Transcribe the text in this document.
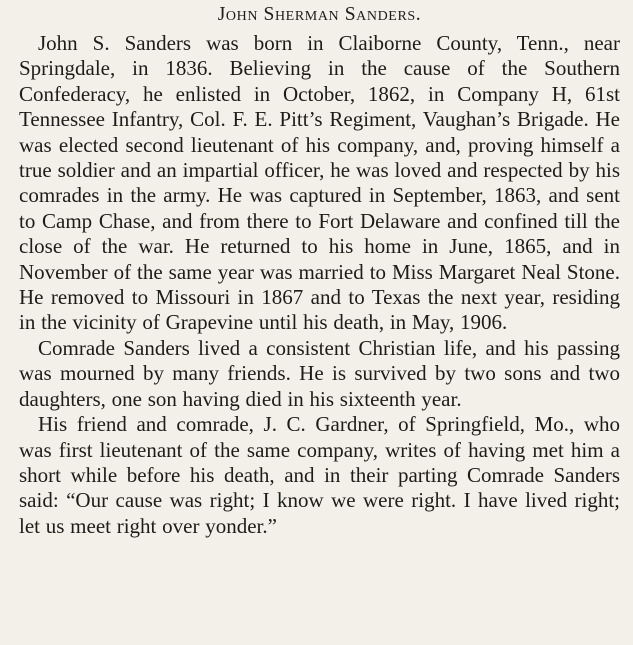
John Sherman Sanders.

John S. Sanders was born in Claiborne County, Tenn., near Springdale, in 1836. Believing in the cause of the Southern Confederacy, he enlisted in October, 1862, in Company H, 61st Tennessee Infantry, Col. F. E. Pitt’s Regiment, Vaughan’s Brigade. He was elected second lieutenant of his company, and, proving himself a true soldier and an impartial officer, he was loved and respected by his comrades in the army. He was captured in September, 1863, and sent to Camp Chase, and from there to Fort Delaware and confined till the close of the war. He returned to his home in June, 1865, and in November of the same year was married to Miss Margaret Neal Stone. He removed to Missouri in 1867 and to Texas the next year, residing in the vicinity of Grapevine until his death, in May, 1906.

Comrade Sanders lived a consistent Christian life, and his passing was mourned by many friends. He is survived by two sons and two daughters, one son having died in his sixteenth year.

His friend and comrade, J. C. Gardner, of Springfield, Mo., who was first lieutenant of the same company, writes of having met him a short while before his death, and in their parting Comrade Sanders said: “Our cause was right; I know we were right. I have lived right; let us meet right over yonder.”
